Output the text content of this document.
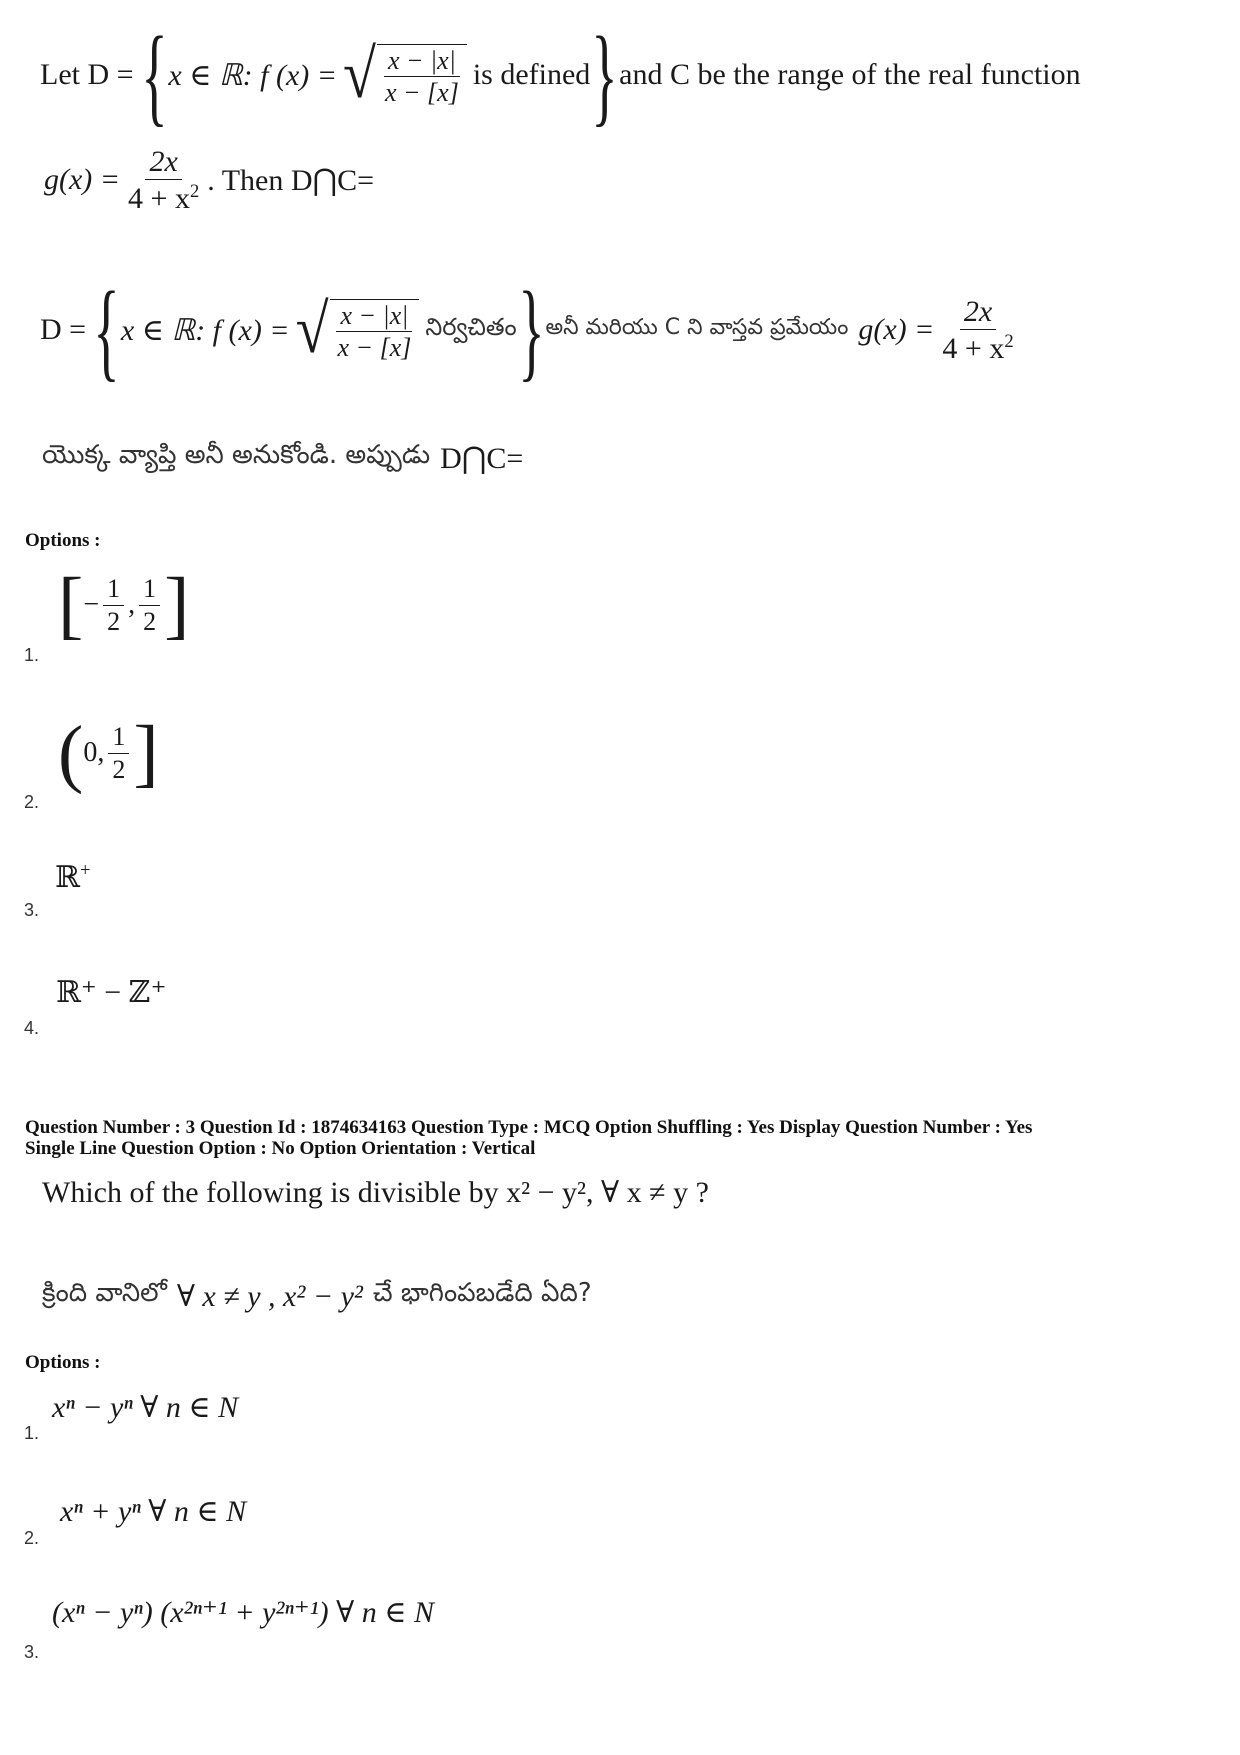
Let D = { x ∈ ℝ: f (x) = √ $\frac{x - |x|}{x - [x]}$ is defined } and C be the range of the real function
$g(x) = \frac{2x}{4 + x^2}$ . Then D⋂C=
D = { x ∈ ℝ: f (x) = √ $\frac{x - |x|}{x - [x]}$ నిర్వచితం } అనీ మరియు C ని వాస్తవ ప్రమేయం $g(x) = \frac{2x}{4 + x^2}$
యొక్క వ్యాప్తి అనీ అనుకోండి. అప్పుడు D⋂C=
Options :
1.
[ − $\frac{1}{2}$ , $\frac{1}{2}$ ]
2.
( 0, $\frac{1}{2}$ ]
3.
ℝ+
4.
ℝ⁺ − ℤ⁺
Question Number : 3 Question Id : 1874634163 Question Type : MCQ Option Shuffling : Yes Display Question Number : Yes
Single Line Question Option : No Option Orientation : Vertical
Which of the following is divisible by x² − y², ∀ x ≠ y ?
క్రింది వానిలో ∀ x ≠ y , x² − y² చే భాగింపబడేది ఏది?
Options :
1.
xⁿ − yⁿ ∀ n ∈ N
2.
xⁿ + yⁿ ∀ n ∈ N
3.
(xⁿ − yⁿ) (x²ⁿ⁺¹ + y²ⁿ⁺¹) ∀ n ∈ N
